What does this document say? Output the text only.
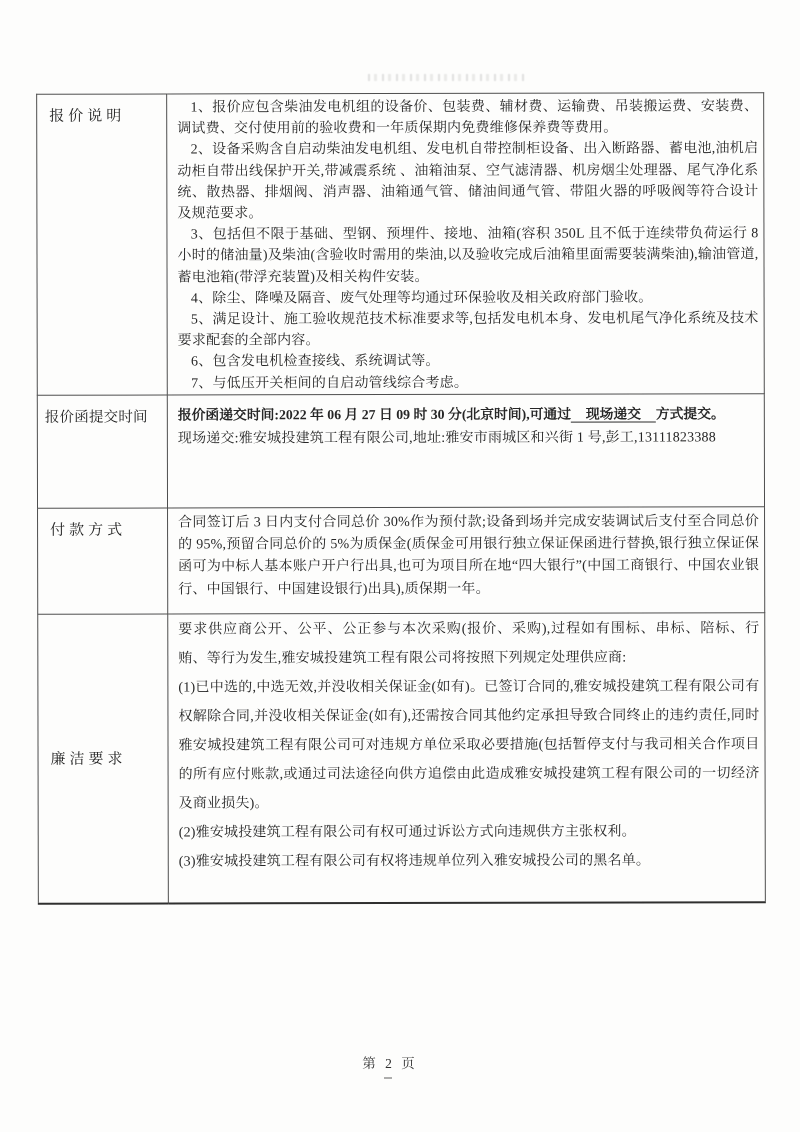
报价说明	

1、报价应包含柴油发电机组的设备价、包装费、辅材费、运输费、吊装搬运费、安装费、调试费、交付使用前的验收费和一年质保期内免费维修保养费等费用。

2、设备采购含自启动柴油发电机组、发电机自带控制柜设备、出入断路器、蓄电池,油机启动柜自带出线保护开关,带减震系统 、油箱油泵、空气滤清器、机房烟尘处理器、尾气净化系统、散热器、排烟阀、消声器、油箱通气管、储油间通气管、带阻火器的呼吸阀等符合设计及规范要求。

3、包括但不限于基础、型钢、预埋件、接地、油箱(容积 350L 且不低于连续带负荷运行 8 小时的储油量)及柴油(含验收时需用的柴油,以及验收完成后油箱里面需要装满柴油),输油管道,蓄电池箱(带浮充装置)及相关构件安装。

4、除尘、降噪及隔音、废气处理等均通过环保验收及相关政府部门验收。

5、满足设计、施工验收规范技术标准要求等,包括发电机本身、发电机尾气净化系统及技术要求配套的全部内容。

6、包含发电机检查接线、系统调试等。

7、与低压开关柜间的自启动管线综合考虑。

报价函提交时间	报价函递交时间:2022 年 06 月 27 日 09 时 30 分(北京时间),可通过　现场递交　方式提交。

现场递交:雅安城投建筑工程有限公司,地址:雅安市雨城区和兴街 1 号,彭工,13111823388

付款方式	合同签订后 3 日内支付合同总价 30%作为预付款;设备到场并完成安装调试后支付至合同总价的 95%,预留合同总价的 5%为质保金(质保金可用银行独立保证保函进行替换,银行独立保证保函可为中标人基本账户开户行出具,也可为项目所在地“四大银行”(中国工商银行、中国农业银行、中国银行、中国建设银行)出具),质保期一年。

廉洁要求	要求供应商公开、公平、公正参与本次采购(报价、采购),过程如有围标、串标、陪标、行贿、等行为发生,雅安城投建筑工程有限公司将按照下列规定处理供应商:

(1)已中选的,中选无效,并没收相关保证金(如有)。已签订合同的,雅安城投建筑工程有限公司有权解除合同,并没收相关保证金(如有),还需按合同其他约定承担导致合同终止的违约责任,同时雅安城投建筑工程有限公司可对违规方单位采取必要措施(包括暂停支付与我司相关合作项目的所有应付账款,或通过司法途径向供方追偿由此造成雅安城投建筑工程有限公司的一切经济及商业损失)。

(2)雅安城投建筑工程有限公司有权可通过诉讼方式向违规供方主张权利。

(3)雅安城投建筑工程有限公司有权将违规单位列入雅安城投公司的黑名单。

第 2 页
